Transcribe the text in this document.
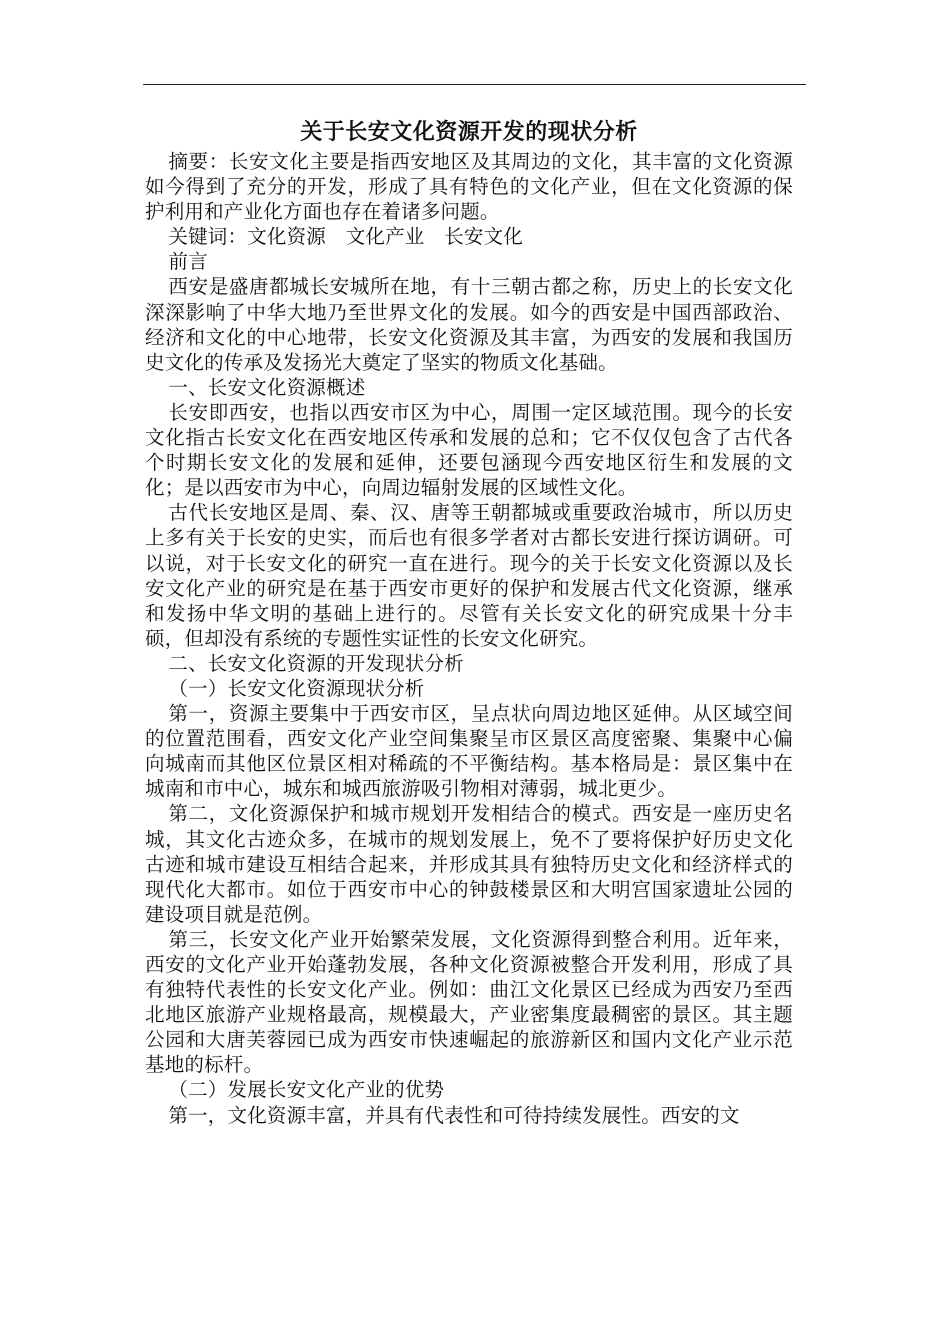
关于长安文化资源开发的现状分析

摘要：长安文化主要是指西安地区及其周边的文化，其丰富的文化资源如今得到了充分的开发，形成了具有特色的文化产业，但在文化资源的保护利用和产业化方面也存在着诸多问题。

关键词：文化资源　文化产业　长安文化

前言

西安是盛唐都城长安城所在地，有十三朝古都之称，历史上的长安文化深深影响了中华大地乃至世界文化的发展。如今的西安是中国西部政治、经济和文化的中心地带，长安文化资源及其丰富，为西安的发展和我国历史文化的传承及发扬光大奠定了坚实的物质文化基础。

一、长安文化资源概述

长安即西安，也指以西安市区为中心，周围一定区域范围。现今的长安文化指古长安文化在西安地区传承和发展的总和；它不仅仅包含了古代各个时期长安文化的发展和延伸，还要包涵现今西安地区衍生和发展的文化；是以西安市为中心，向周边辐射发展的区域性文化。

古代长安地区是周、秦、汉、唐等王朝都城或重要政治城市，所以历史上多有关于长安的史实，而后也有很多学者对古都长安进行探访调研。可以说，对于长安文化的研究一直在进行。现今的关于长安文化资源以及长安文化产业的研究是在基于西安市更好的保护和发展古代文化资源，继承和发扬中华文明的基础上进行的。尽管有关长安文化的研究成果十分丰硕，但却没有系统的专题性实证性的长安文化研究。

二、长安文化资源的开发现状分析

（一）长安文化资源现状分析

第一，资源主要集中于西安市区，呈点状向周边地区延伸。从区域空间的位置范围看，西安文化产业空间集聚呈市区景区高度密聚、集聚中心偏向城南而其他区位景区相对稀疏的不平衡结构。基本格局是：景区集中在城南和市中心，城东和城西旅游吸引物相对薄弱，城北更少。

第二，文化资源保护和城市规划开发相结合的模式。西安是一座历史名城，其文化古迹众多，在城市的规划发展上，免不了要将保护好历史文化古迹和城市建设互相结合起来，并形成其具有独特历史文化和经济样式的现代化大都市。如位于西安市中心的钟鼓楼景区和大明宫国家遗址公园的建设项目就是范例。

第三，长安文化产业开始繁荣发展，文化资源得到整合利用。近年来，西安的文化产业开始蓬勃发展，各种文化资源被整合开发利用，形成了具有独特代表性的长安文化产业。例如：曲江文化景区已经成为西安乃至西北地区旅游产业规格最高，规模最大，产业密集度最稠密的景区。其主题公园和大唐芙蓉园已成为西安市快速崛起的旅游新区和国内文化产业示范基地的标杆。

（二）发展长安文化产业的优势

第一，文化资源丰富，并具有代表性和可待持续发展性。西安的文
